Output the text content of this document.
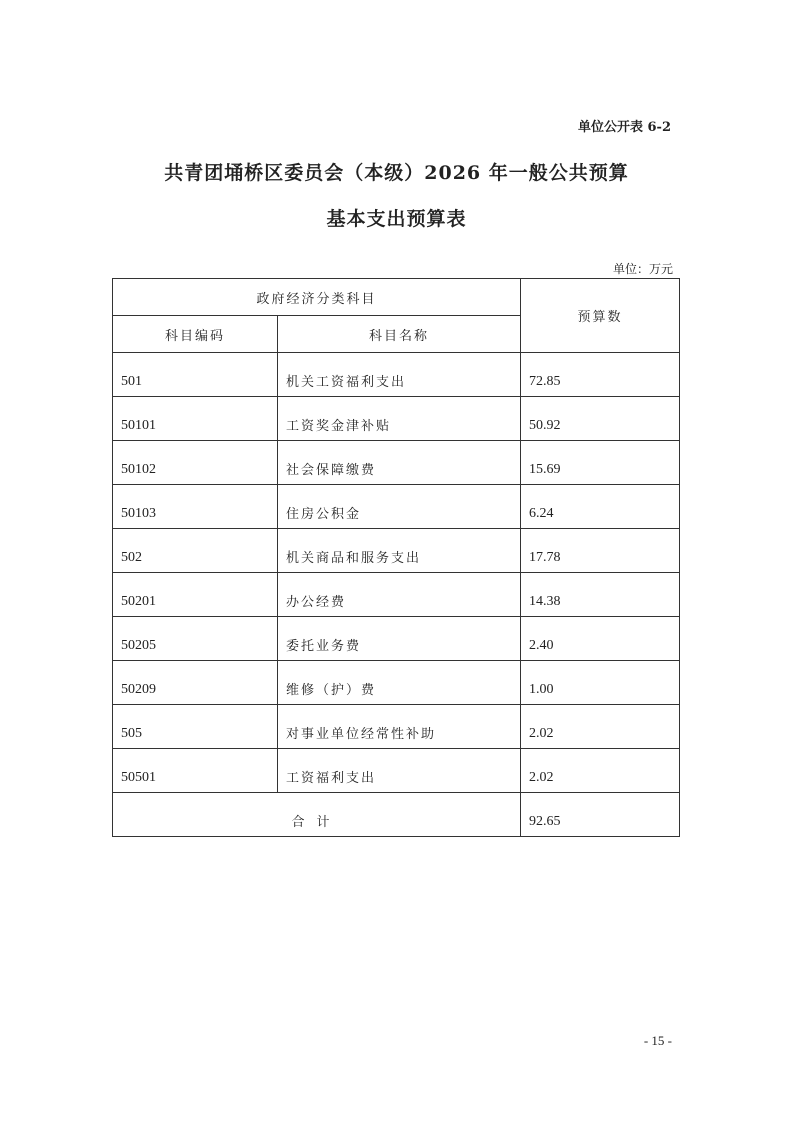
单位公开表 6-2
共青团埇桥区委员会（本级）2026 年一般公共预算
基本支出预算表
单位：万元
政府经济分类科目		预算数
科目编码	科目名称	
501	机关工资福利支出	72.85
50101	工资奖金津补贴	50.92
50102	社会保障缴费	15.69
50103	住房公积金	6.24
502	机关商品和服务支出	17.78
50201	办公经费	14.38
50205	委托业务费	2.40
50209	维修（护）费	1.00
505	对事业单位经常性补助	2.02
50501	工资福利支出	2.02
合计		92.65
- 15 -
